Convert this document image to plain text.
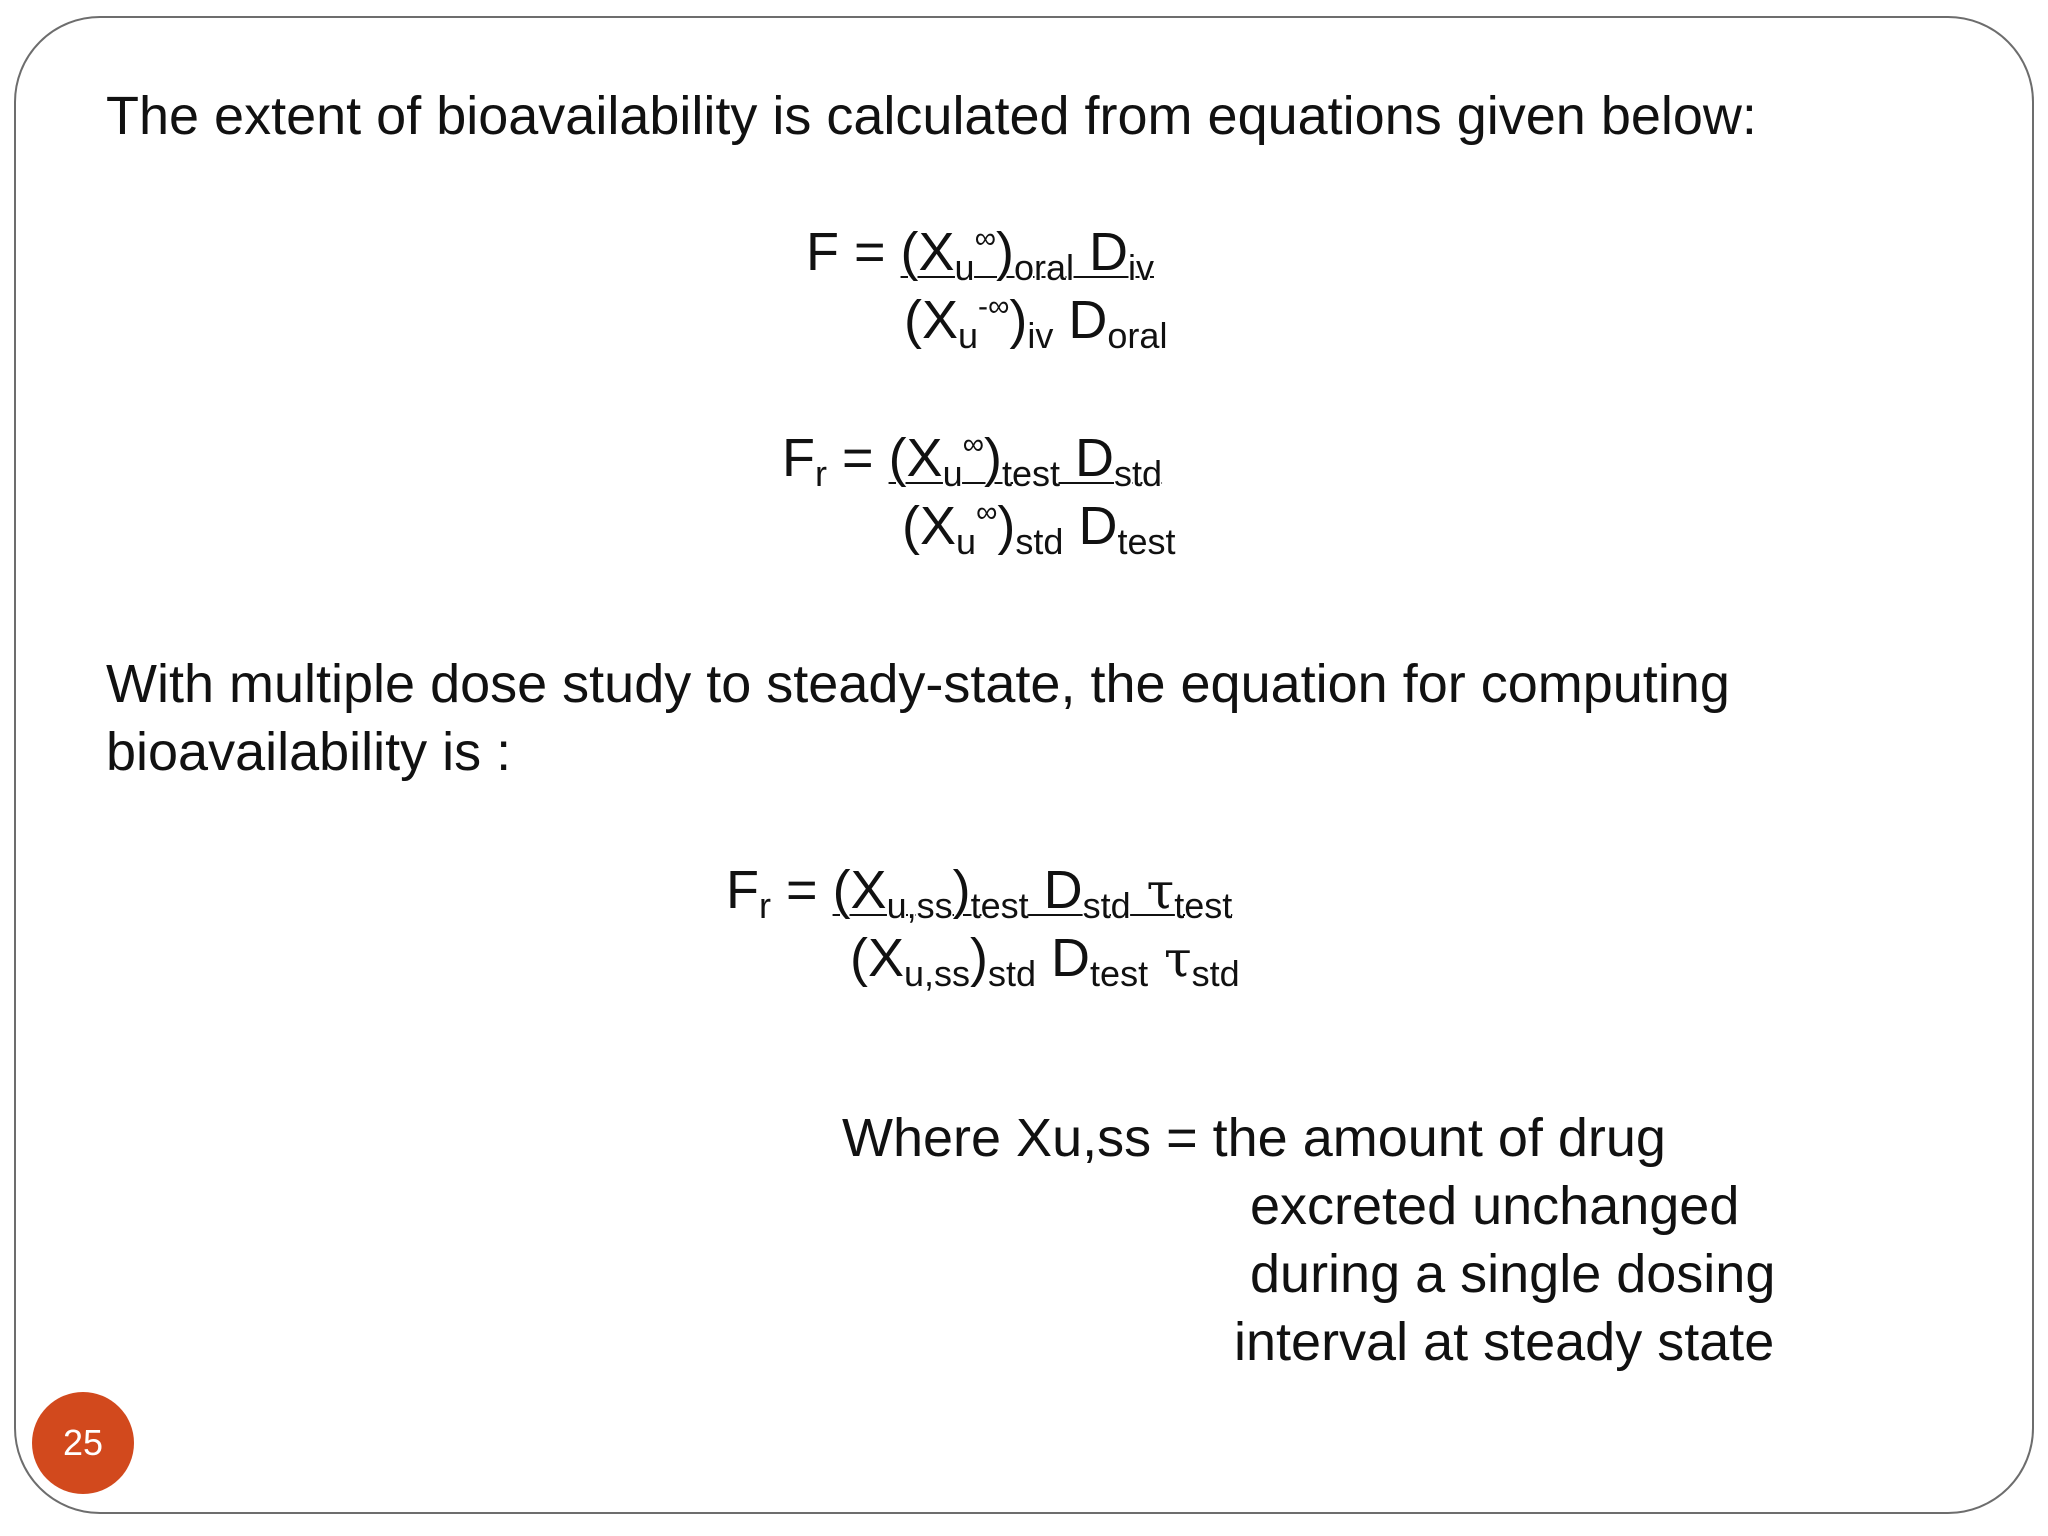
The extent of bioavailability is calculated from equations given below:
$F = (X_u^\infty)_{oral}$ $D_{iv}$
$(X_u^{-\infty})_{iv}$ $D_{oral}$
$F_r = (X_u^\infty)_{test}$ $D_{std}$
$(X_u^\infty)_{std}$ $D_{test}$
With multiple dose study to steady-state, the equation for computing
bioavailability is :
$F_r = (X_{u,ss})_{test}$ $D_{std}$ $\tau_{test}$
$(X_{u,ss})_{std}$ $D_{test}$ $\tau_{std}$
Where Xu,ss = the amount of drug
excreted unchanged
during a single dosing
interval at steady state
25
